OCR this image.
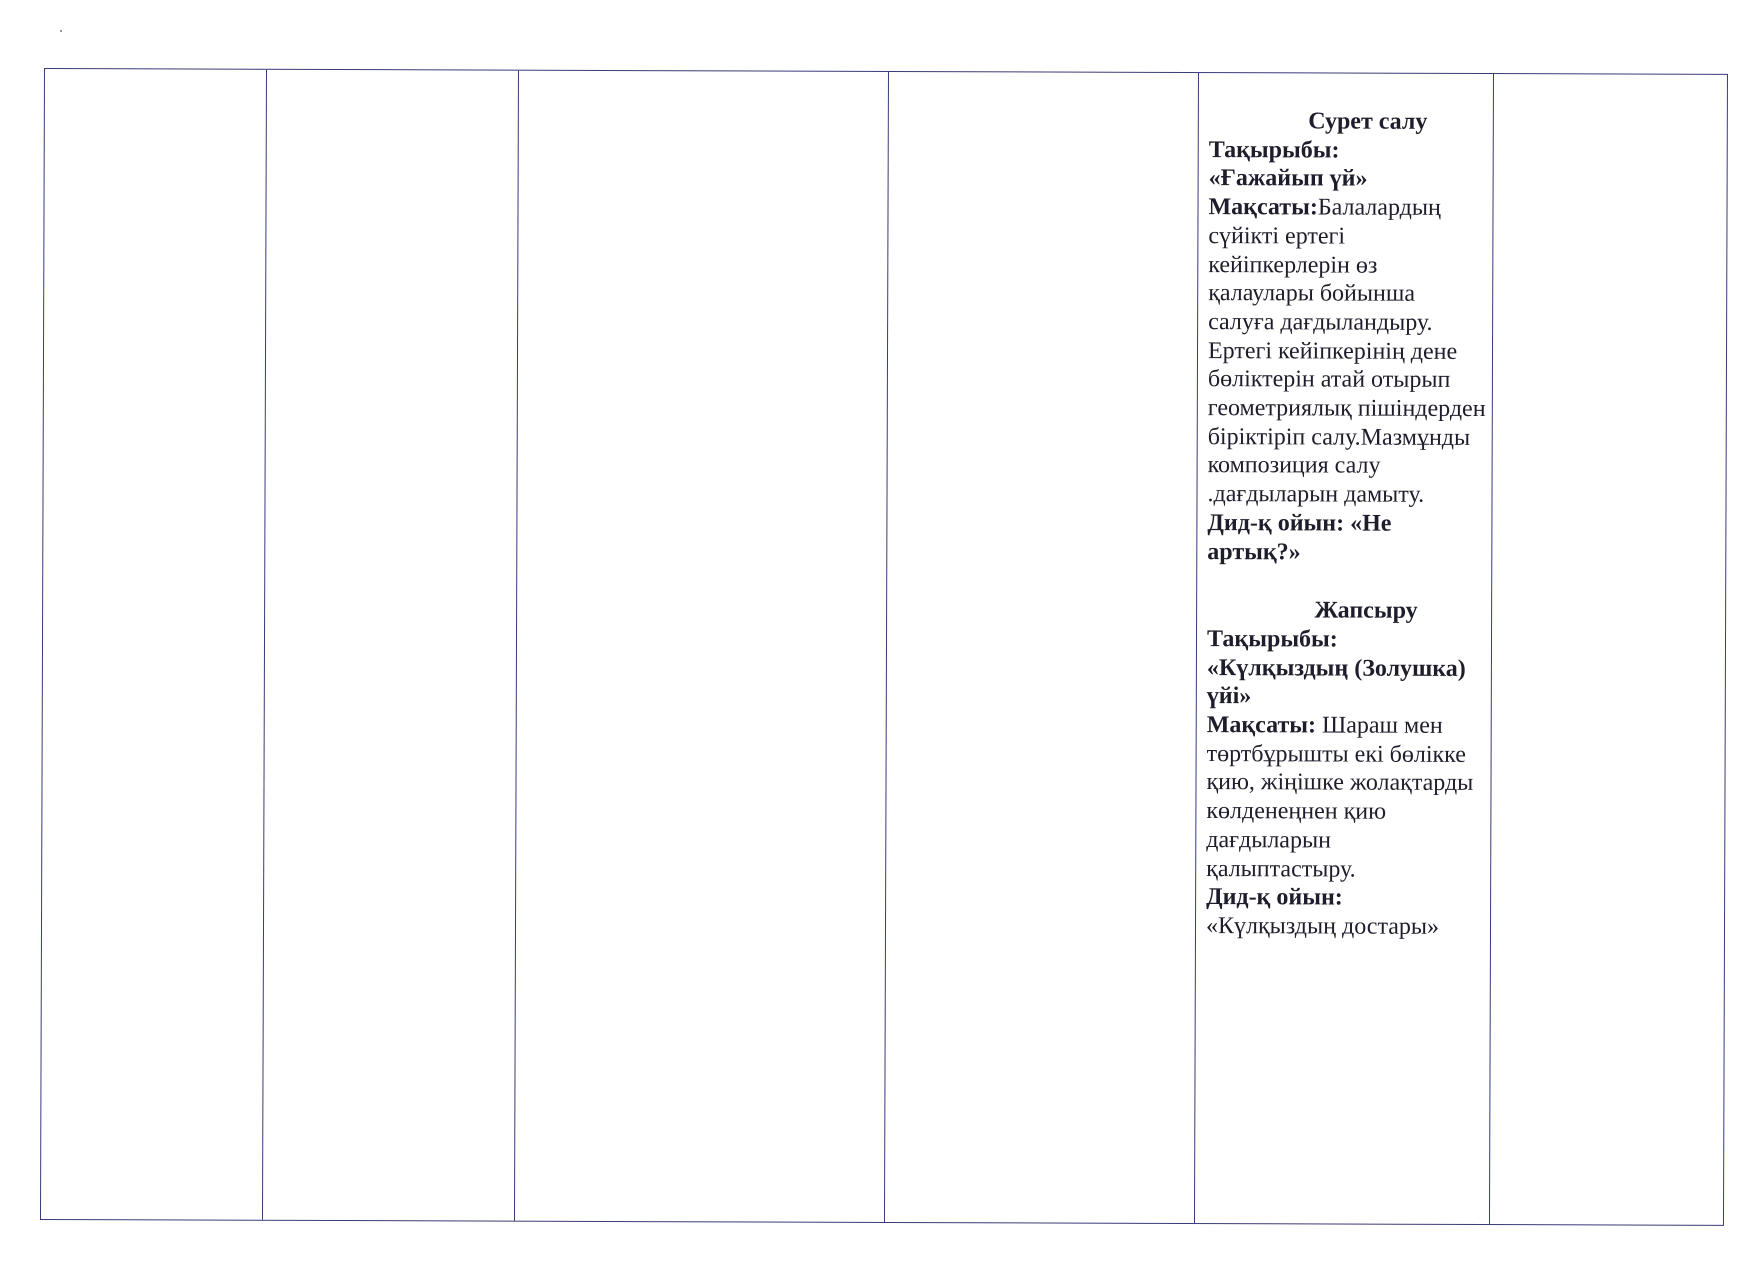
Сурет салу
Тақырыбы:
«Ғажайып үй»
Мақсаты:Балалардың сүйікті ертегі кейіпкерлерін өз қалаулары бойынша салуға дағдыландыру. Ертегі кейіпкерінің дене бөліктерін атай отырып геометриялық пішіндерден біріктіріп салу.Мазмұнды композиция салу .дағдыларын дамыту.
Дид-қ ойын: «Не артық?»
Жапсыру
Тақырыбы:
«Күлқыздың (Золушка) үйі»
Мақсаты: Шараш мен төртбұрышты екі бөлікке қию, жіңішке жолақтарды көлденеңнен қию дағдыларын қалыптастыру.
Дид-қ ойын:
«Күлқыздың достары»
